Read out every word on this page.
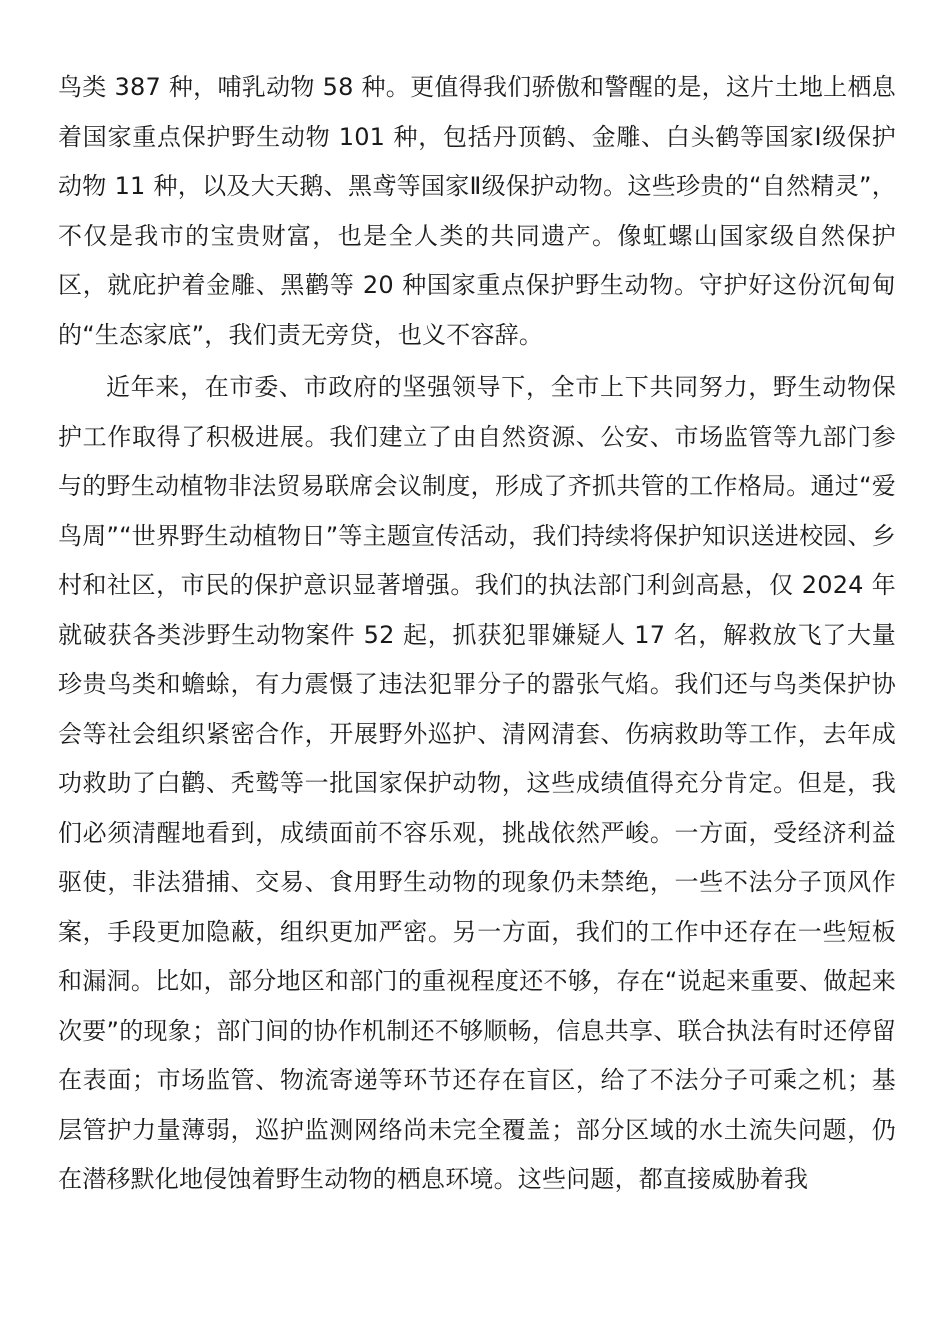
鸟类 387 种，哺乳动物 58 种。更值得我们骄傲和警醒的是，这片土地上栖息着国家重点保护野生动物 101 种，包括丹顶鹤、金雕、白头鹤等国家Ⅰ级保护动物 11 种，以及大天鹅、黑鸢等国家Ⅱ级保护动物。这些珍贵的“自然精灵”，不仅是我市的宝贵财富，也是全人类的共同遗产。像虹螺山国家级自然保护区，就庇护着金雕、黑鹳等 20 种国家重点保护野生动物。守护好这份沉甸甸的“生态家底”，我们责无旁贷，也义不容辞。

近年来，在市委、市政府的坚强领导下，全市上下共同努力，野生动物保护工作取得了积极进展。我们建立了由自然资源、公安、市场监管等九部门参与的野生动植物非法贸易联席会议制度，形成了齐抓共管的工作格局。通过“爱鸟周”“世界野生动植物日”等主题宣传活动，我们持续将保护知识送进校园、乡村和社区，市民的保护意识显著增强。我们的执法部门利剑高悬，仅 2024 年就破获各类涉野生动物案件 52 起，抓获犯罪嫌疑人 17 名，解救放飞了大量珍贵鸟类和蟾蜍，有力震慑了违法犯罪分子的嚣张气焰。我们还与鸟类保护协会等社会组织紧密合作，开展野外巡护、清网清套、伤病救助等工作，去年成功救助了白鹳、秃鹫等一批国家保护动物，这些成绩值得充分肯定。但是，我们必须清醒地看到，成绩面前不容乐观，挑战依然严峻。一方面，受经济利益驱使，非法猎捕、交易、食用野生动物的现象仍未禁绝，一些不法分子顶风作案，手段更加隐蔽，组织更加严密。另一方面，我们的工作中还存在一些短板和漏洞。比如，部分地区和部门的重视程度还不够，存在“说起来重要、做起来次要”的现象；部门间的协作机制还不够顺畅，信息共享、联合执法有时还停留在表面；市场监管、物流寄递等环节还存在盲区，给了不法分子可乘之机；基层管护力量薄弱，巡护监测网络尚未完全覆盖；部分区域的水土流失问题，仍在潜移默化地侵蚀着野生动物的栖息环境。这些问题，都直接威胁着我
